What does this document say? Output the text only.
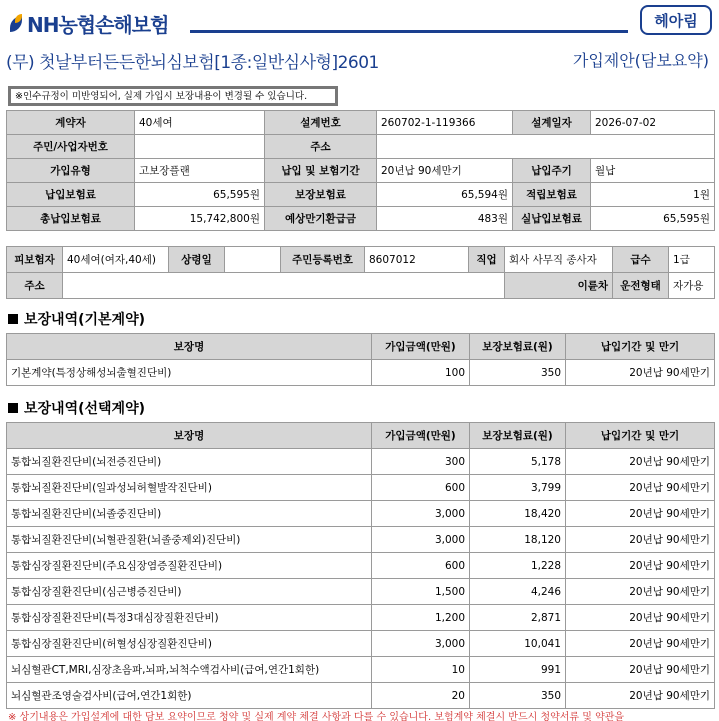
NH농협손해보험	헤아림
(무) 첫날부터든든한뇌심보험[1종:일반심사형]2601	가입제안(담보요약)
※인수규정이 미반영되어, 실제 가입시 보장내용이 변경될 수 있습니다.
계약자	40세여	설계번호	260702-1-119366	설계일자	2026-07-02
주민/사업자번호		주소			
가입유형	고보장플랜	납입 및 보험기간	20년납 90세만기	납입주기	월납
납입보험료	65,595원	보장보험료	65,594원	적립보험료	1원
총납입보험료	15,742,800원	예상만기환급금	483원	실납입보험료	65,595원
피보험자	40세여(여자,40세)	상령일		주민등록번호	8607012	직업	회사 사무직 종사자	급수	1급
주소							이륜차	운전형태	자가용
보장내역(기본계약)
보장명	가입금액(만원)	보장보험료(원)	납입기간 및 만기
기본계약(특정상해성뇌출혈진단비)	100	350	20년납 90세만기
보장내역(선택계약)
보장명	가입금액(만원)	보장보험료(원)	납입기간 및 만기
통합뇌질환진단비(뇌전증진단비)	300	5,178	20년납 90세만기
통합뇌질환진단비(일과성뇌허혈발작진단비)	600	3,799	20년납 90세만기
통합뇌질환진단비(뇌졸중진단비)	3,000	18,420	20년납 90세만기
통합뇌질환진단비(뇌혈관질환(뇌졸중제외)진단비)	3,000	18,120	20년납 90세만기
통합심장질환진단비(주요심장염증질환진단비)	600	1,228	20년납 90세만기
통합심장질환진단비(심근병증진단비)	1,500	4,246	20년납 90세만기
통합심장질환진단비(특정3대심장질환진단비)	1,200	2,871	20년납 90세만기
통합심장질환진단비(허혈성심장질환진단비)	3,000	10,041	20년납 90세만기
뇌심혈관CT,MRI,심장초음파,뇌파,뇌척수액검사비(급여,연간1회한)	10	991	20년납 90세만기
뇌심혈관조영술검사비(급여,연간1회한)	20	350	20년납 90세만기
※ 상기내용은 가입설계에 대한 담보 요약이므로 청약 및 실제 계약 체결 사항과 다를 수 있습니다. 보험계약 체결시 반드시 청약서류 및 약관을
